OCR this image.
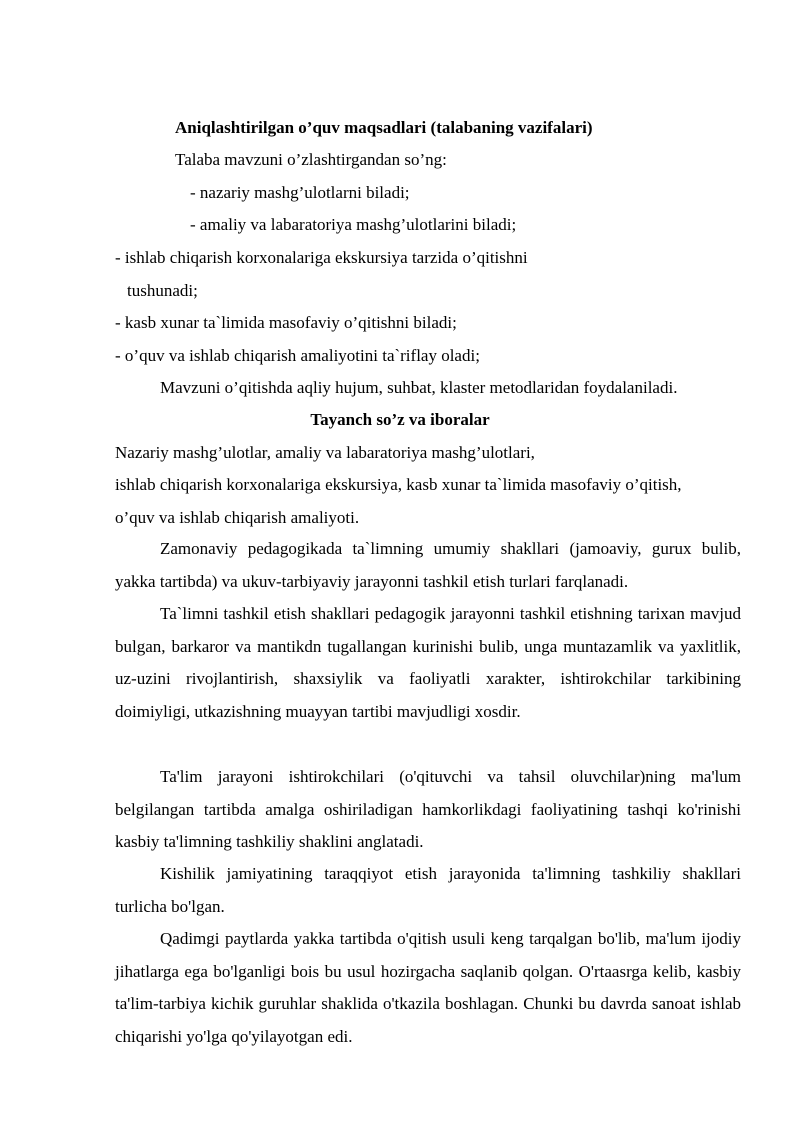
Aniqlashtirilgan o’quv maqsadlari (talabaning vazifalari)
Talaba mavzuni o’zlashtirgandan so’ng:
- nazariy mashg’ulotlarni biladi;
- amaliy va labaratoriya mashg’ulotlarini biladi;
- ishlab chiqarish korxonalariga ekskursiya tarzida o’qitishni
tushunadi;
- kasb xunar ta`limida masofaviy o’qitishni biladi;
- o’quv va ishlab chiqarish amaliyotini ta`riflay oladi;
Mavzuni o’qitishda aqliy hujum, suhbat, klaster metodlaridan foydalaniladi.
Tayanch so’z va iboralar
Nazariy mashg’ulotlar, amaliy va labaratoriya mashg’ulotlari,
ishlab chiqarish korxonalariga ekskursiya, kasb xunar ta`limida masofaviy o’qitish,
o’quv va ishlab chiqarish amaliyoti.
Zamonaviy pedagogikada ta`limning umumiy shakllari (jamoaviy, gurux bulib, yakka tartibda) va ukuv-tarbiyaviy jarayonni tashkil etish turlari farqlanadi.
Ta`limni tashkil etish shakllari pedagogik jarayonni tashkil etishning tarixan mavjud bulgan, barkaror va mantikdn tugallangan kurinishi bulib, unga muntazamlik va yaxlitlik, uz-uzini rivojlantirish, shaxsiylik va faoliyatli xarakter, ishtirokchilar tarkibining doimiyligi, utkazishning muayyan tartibi mavjudligi xosdir.
Ta'lim jarayoni ishtirokchilari (o'qituvchi va tahsil oluvchilar)ning ma'lum belgilangan tartibda amalga oshiriladigan hamkorlikdagi faoliyatining tashqi ko'rinishi kasbiy ta'limning tashkiliy shaklini anglatadi.
Kishilik jamiyatining taraqqiyot etish jarayonida ta'limning tashkiliy shakllari turlicha bo'lgan.
Qadimgi paytlarda yakka tartibda o'qitish usuli keng tarqalgan bo'lib, ma'lum ijodiy jihatlarga ega bo'lganligi bois bu usul hozirgacha saqlanib qolgan. O'rtaasrga kelib, kasbiy ta'lim-tarbiya kichik guruhlar shaklida o'tkazila boshlagan. Chunki bu davrda sanoat ishlab chiqarishi yo'lga qo'yilayotgan edi.
